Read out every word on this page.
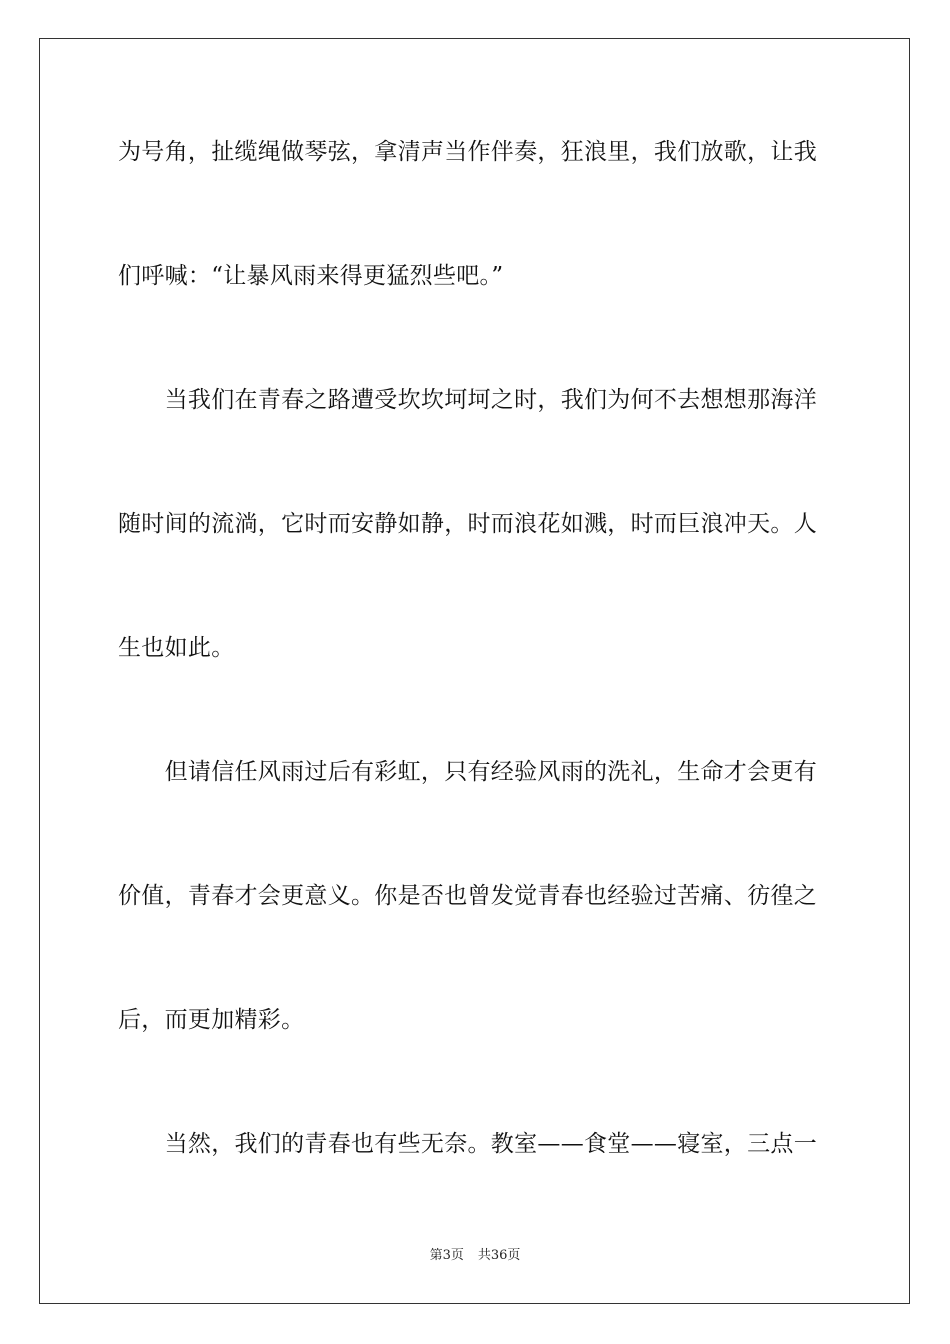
为号角，扯缆绳做琴弦，拿清声当作伴奏，狂浪里，我们放歌，让我
们呼喊：“让暴风雨来得更猛烈些吧。”
　　当我们在青春之路遭受坎坎坷坷之时，我们为何不去想想那海洋
随时间的流淌，它时而安静如静，时而浪花如溅，时而巨浪冲天。人
生也如此。
　　但请信任风雨过后有彩虹，只有经验风雨的洗礼，生命才会更有
价值，青春才会更意义。你是否也曾发觉青春也经验过苦痛、彷徨之
后，而更加精彩。
　　当然，我们的青春也有些无奈。教室——食堂——寝室，三点一
第3页 共36页
